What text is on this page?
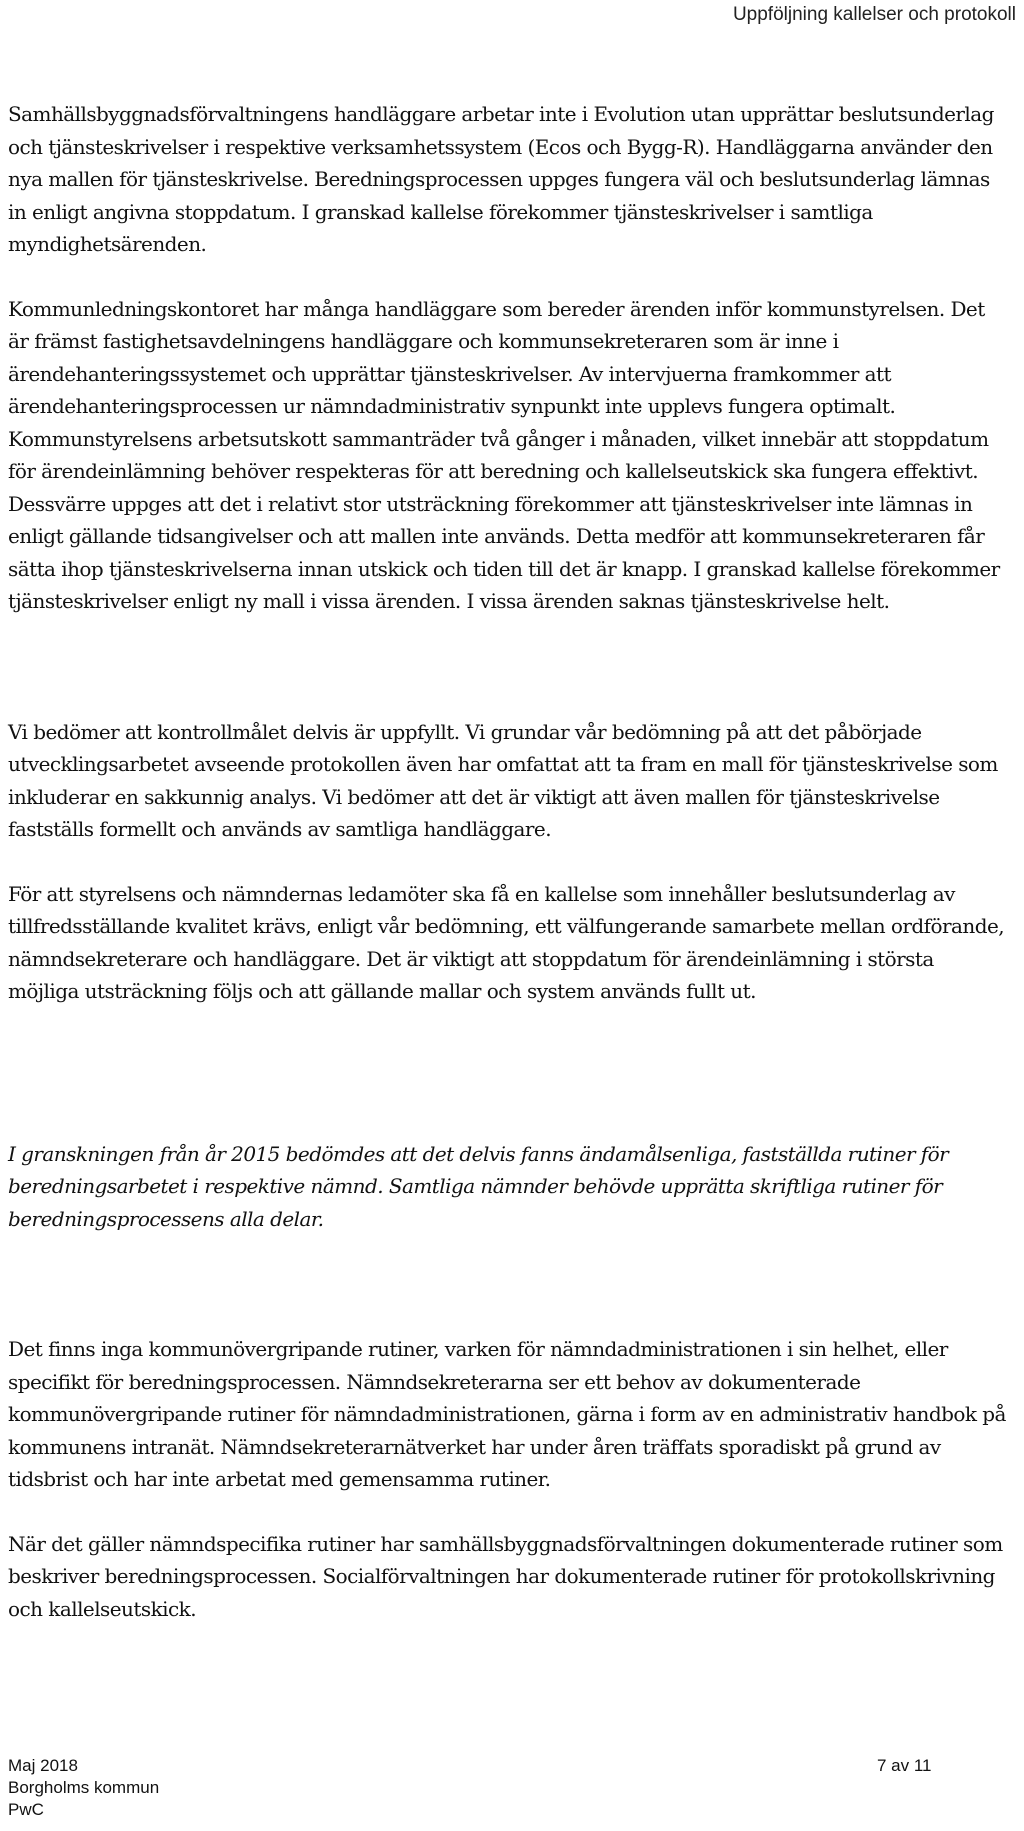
Uppföljning kallelser och protokoll

Samhällsbyggnadsförvaltningens handläggare arbetar inte i Evolution utan upprättar beslutsunderlag och tjänsteskrivelser i respektive verksamhetssystem (Ecos och Bygg-R). Handläggarna använder den nya mallen för tjänsteskrivelse. Beredningsprocessen uppges fungera väl och beslutsunderlag lämnas in enligt angivna stoppdatum. I granskad kallelse förekommer tjänsteskrivelser i samtliga myndighetsärenden.

Kommunledningskontoret har många handläggare som bereder ärenden inför kommunstyrelsen. Det är främst fastighetsavdelningens handläggare och kommunsekreteraren som är inne i ärendehanteringssystemet och upprättar tjänsteskrivelser. Av intervjuerna framkommer att ärendehanteringsprocessen ur nämndadministrativ synpunkt inte upplevs fungera optimalt. Kommunstyrelsens arbetsutskott sammanträder två gånger i månaden, vilket innebär att stoppdatum för ärendeinlämning behöver respekteras för att beredning och kallelseutskick ska fungera effektivt. Dessvärre uppges att det i relativt stor utsträckning förekommer att tjänsteskrivelser inte lämnas in enligt gällande tidsangivelser och att mallen inte används. Detta medför att kommunsekreteraren får sätta ihop tjänsteskrivelserna innan utskick och tiden till det är knapp. I granskad kallelse förekommer tjänsteskrivelser enligt ny mall i vissa ärenden. I vissa ärenden saknas tjänsteskrivelse helt.

Vi bedömer att kontrollmålet delvis är uppfyllt. Vi grundar vår bedömning på att det påbörjade utvecklingsarbetet avseende protokollen även har omfattat att ta fram en mall för tjänsteskrivelse som inkluderar en sakkunnig analys. Vi bedömer att det är viktigt att även mallen för tjänsteskrivelse fastställs formellt och används av samtliga handläggare.

För att styrelsens och nämndernas ledamöter ska få en kallelse som innehåller beslutsunderlag av tillfredsställande kvalitet krävs, enligt vår bedömning, ett välfungerande samarbete mellan ordförande, nämndsekreterare och handläggare. Det är viktigt att stoppdatum för ärendeinlämning i största möjliga utsträckning följs och att gällande mallar och system används fullt ut.

I granskningen från år 2015 bedömdes att det delvis fanns ändamålsenliga, fastställda rutiner för beredningsarbetet i respektive nämnd. Samtliga nämnder behövde upprätta skriftliga rutiner för beredningsprocessens alla delar.

Det finns inga kommunövergripande rutiner, varken för nämndadministrationen i sin helhet, eller specifikt för beredningsprocessen. Nämndsekreterarna ser ett behov av dokumenterade kommunövergripande rutiner för nämndadministrationen, gärna i form av en administrativ handbok på kommunens intranät. Nämndsekreterarnätverket har under åren träffats sporadiskt på grund av tidsbrist och har inte arbetat med gemensamma rutiner.

När det gäller nämndspecifika rutiner har samhällsbyggnadsförvaltningen dokumenterade rutiner som beskriver beredningsprocessen. Socialförvaltningen har dokumenterade rutiner för protokollskrivning och kallelseutskick.

Maj 2018
Borgholms kommun
PwC
7 av 11
